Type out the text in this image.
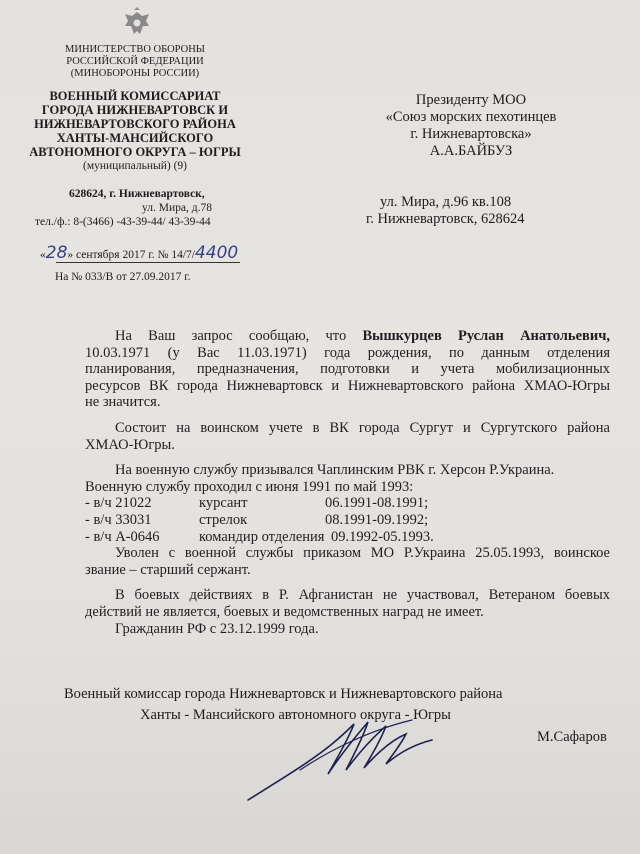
МИНИСТЕРСТВО ОБОРОНЫ
РОССИЙСКОЙ ФЕДЕРАЦИИ
(МИНОБОРОНЫ РОССИИ)
ВОЕННЫЙ КОМИССАРИАТ
ГОРОДА НИЖНЕВАРТОВСК И
НИЖНЕВАРТОВСКОГО РАЙОНА
ХАНТЫ-МАНСИЙСКОГО
АВТОНОМНОГО ОКРУГА – ЮГРЫ
(муниципальный) (9)
628624, г. Нижневартовск,
ул. Мира, д.78
тел./ф.: 8-(3466) -43-39-44/ 43-39-44
«28» сентября 2017 г. № 14/7/4400
На № 033/В от 27.09.2017 г.
Президенту МОО
«Союз морских пехотинцев
г. Нижневартовска»
А.А.БАЙБУЗ
ул. Мира, д.96 кв.108
г. Нижневартовск, 628624

На Ваш запрос сообщаю, что Вышкурцев Руслан Анатольевич,

10.03.1971 (у Вас 11.03.1971) года рождения, по данным отделения

планирования, предназначения, подготовки и учета мобилизационных

ресурсов ВК города Нижневартовск и Нижневартовского района ХМАО-Югры

не значится.

Состоит на воинском учете в ВК города Сургут и Сургутского района

ХМАО-Югры.

На военную службу призывался Чаплинским РВК г. Херсон Р.Украина.

Военную службу проходил с июня 1991 по май 1993:

- в/ч 21022	курсант	06.1991-08.1991;
- в/ч 33031	стрелок	08.1991-09.1992;
- в/ч А-0646	командир отделения 09.1992-05.1993.

Уволен с военной службы приказом МО Р.Украина 25.05.1993, воинское

звание – старший сержант.

В боевых действиях в Р. Афганистан не участвовал, Ветераном боевых

действий не является, боевых и ведомственных наград не имеет.

Гражданин РФ с 23.12.1999 года.

Военный комиссар города Нижневартовск и Нижневартовского района
Ханты - Мансийского автономного округа - Югры
М.Сафаров
